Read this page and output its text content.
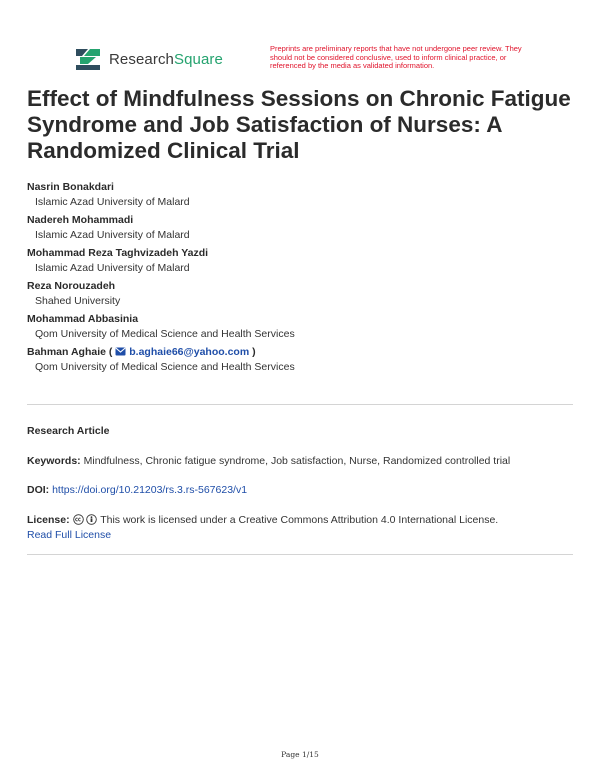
ResearchSquare
Preprints are preliminary reports that have not undergone peer review. They should not be considered conclusive, used to inform clinical practice, or referenced by the media as validated information.
Effect of Mindfulness Sessions on Chronic Fatigue Syndrome and Job Satisfaction of Nurses: A Randomized Clinical Trial
Nasrin Bonakdari
Islamic Azad University of Malard
Nadereh Mohammadi
Islamic Azad University of Malard
Mohammad Reza Taghvizadeh Yazdi
Islamic Azad University of Malard
Reza Norouzadeh
Shahed University
Mohammad Abbasinia
Qom University of Medical Science and Health Services
Bahman Aghaie ( b.aghaie66@yahoo.com )
Qom University of Medical Science and Health Services
Research Article
Keywords: Mindfulness, Chronic fatigue syndrome, Job satisfaction, Nurse, Randomized controlled trial
DOI: https://doi.org/10.21203/rs.3.rs-567623/v1
License:	This work is licensed under a Creative Commons Attribution 4.0 International License.
Read Full License
Page 1/15
